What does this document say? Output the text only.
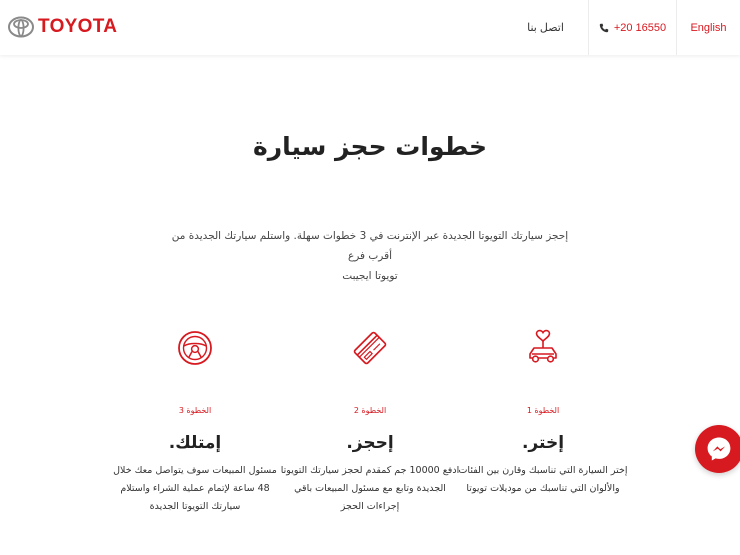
TOYOTA	اتصل بنا	+20 16550	English
خطوات حجز سيارة
إحجز سيارتك التويوتا الجديدة عبر الإنترنت في 3 خطوات سهلة. واستلم سيارتك الجديدة من أقرب فرع
تويوتا ايجيبت
الخطوة 1
إختر.
إختر السيارة التي تناسبك وقارن بين الفئات
والألوان التي تناسبك من موديلات تويوتا
الخطوة 2
إحجز.
ادفع 10000 جم كمقدم لحجز سيارتك التويوتا
الجديدة وتابع مع مسئول المبيعات باقي
إجراءات الحجز
الخطوة 3
إمتلك.
مسئول المبيعات سوف يتواصل معك خلال
48 ساعة لإتمام عملية الشراء واستلام
سيارتك التويوتا الجديدة
